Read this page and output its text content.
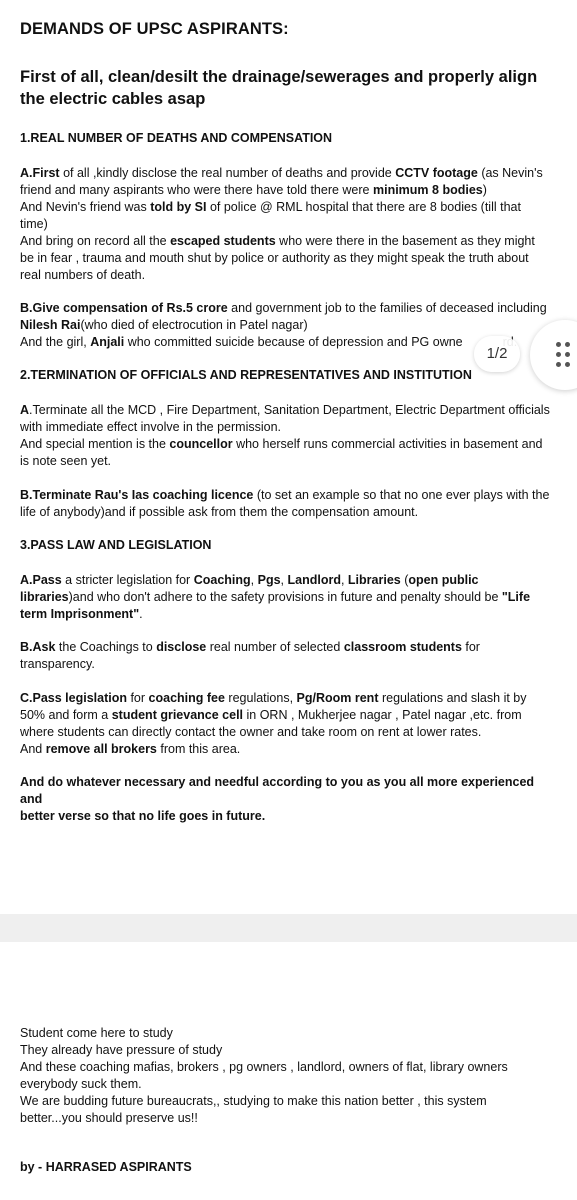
DEMANDS OF UPSC ASPIRANTS:
First of all, clean/desilt the drainage/sewerages and properly align the electric cables asap
1.REAL NUMBER OF DEATHS AND COMPENSATION
A.First of all ,kindly disclose the real number of deaths and provide CCTV footage (as Nevin's friend and many aspirants who were there have told there were minimum 8 bodies)
And Nevin's friend was told by SI of police @ RML hospital that there are 8 bodies (till that time)
And bring on record all the escaped students who were there in the basement as they might be in fear , trauma and mouth shut by police or authority as they might speak the truth about real numbers of death.
B.Give compensation of Rs.5 crore and government job to the families of deceased including Nilesh Rai(who died of electrocution in Patel nagar)
And the girl, Anjali who committed suicide because of depression and PG owne
2.TERMINATION OF OFFICIALS AND REPRESENTATIVES AND INSTITUTION
A.Terminate all the MCD , Fire Department, Sanitation Department, Electric Department officials with immediate effect involve in the permission.
And special mention is the councellor who herself runs commercial activities in basement and is note seen yet.
B.Terminate Rau's Ias coaching licence (to set an example so that no one ever plays with the life of anybody)and if possible ask from them the compensation amount.
3.PASS LAW AND LEGISLATION
A.Pass a stricter legislation for Coaching, Pgs, Landlord, Libraries (open public libraries)and who don't adhere to the safety provisions in future and penalty should be "Life term Imprisonment".
B.Ask the Coachings to disclose real number of selected classroom students for transparency.
C.Pass legislation for coaching fee regulations, Pg/Room rent regulations and slash it by 50% and form a student grievance cell in ORN , Mukherjee nagar , Patel nagar ,etc. from where students can directly contact the owner and take room on rent at lower rates.
And remove all brokers from this area.
And do whatever necessary and needful according to you as you all more experienced and
better verse so that no life goes in future.
Student come here to study
They already have pressure of study
And these coaching mafias, brokers , pg owners , landlord, owners of flat, library owners everybody suck them.
We are budding future bureaucrats,, studying to make this nation better , this system better...you should preserve us!!
by - HARRASED ASPIRANTS
1/2
